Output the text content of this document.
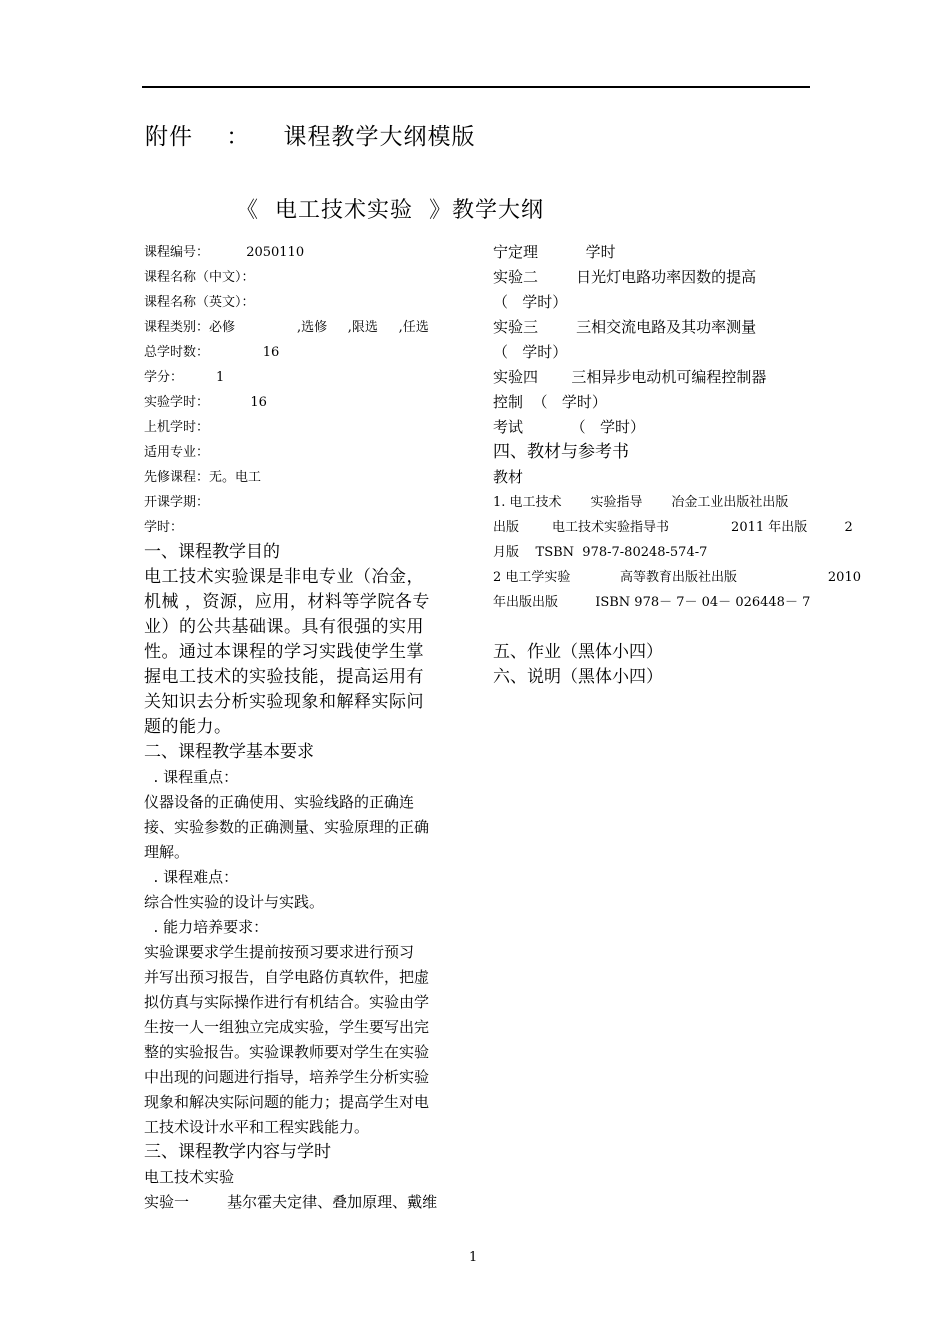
附件    ：    课程教学大纲模版
《  电工技术实验  》教学大纲
课程编号：         2050110
课程名称（中文）：
课程名称（英文）：
课程类别：必修               ,选修     ,限选     ,任选
总学时数：             16
学分：        1
实验学时：          16
上机学时：
适用专业：
先修课程：无。电工
开课学期：
学时：
一、课程教学目的
电工技术实验课是非电专业（冶金，
机械 ，资源，应用，材料等学院各专
业）的公共基础课。具有很强的实用
性。通过本课程的学习实践使学生掌
握电工技术的实验技能，提高运用有
关知识去分析实验现象和解释实际问
题的能力。
二、课程教学基本要求
. 课程重点：
仪器设备的正确使用、实验线路的正确连
接、实验参数的正确测量、实验原理的正确
理解。
. 课程难点：
综合性实验的设计与实践。
. 能力培养要求：
实验课要求学生提前按预习要求进行预习
并写出预习报告，自学电路仿真软件，把虚
拟仿真与实际操作进行有机结合。实验由学
生按一人一组独立完成实验，学生要写出完
整的实验报告。实验课教师要对学生在实验
中出现的问题进行指导，培养学生分析实验
现象和解决实际问题的能力；提高学生对电
工技术设计水平和工程实践能力。
三、课程教学内容与学时
电工技术实验
实验一        基尔霍夫定律、叠加原理、戴维
宁定理          学时
实验二        日光灯电路功率因数的提高
（   学时）
实验三        三相交流电路及其功率测量
（   学时）
实验四       三相异步电动机可编程控制器
控制  （   学时）
考试          （   学时）
四、教材与参考书
教材
1. 电工技术       实验指导       冶金工业出版社出版
出版        电工技术实验指导书               2011 年出版         2
月版    TSBN  978-7-80248-574-7
2 电工学实验            高等教育出版社出版                      2010
年出版出版         ISBN 978－ 7－ 04－ 026448－ 7
五、作业（黑体小四）
六、说明（黑体小四）
1
